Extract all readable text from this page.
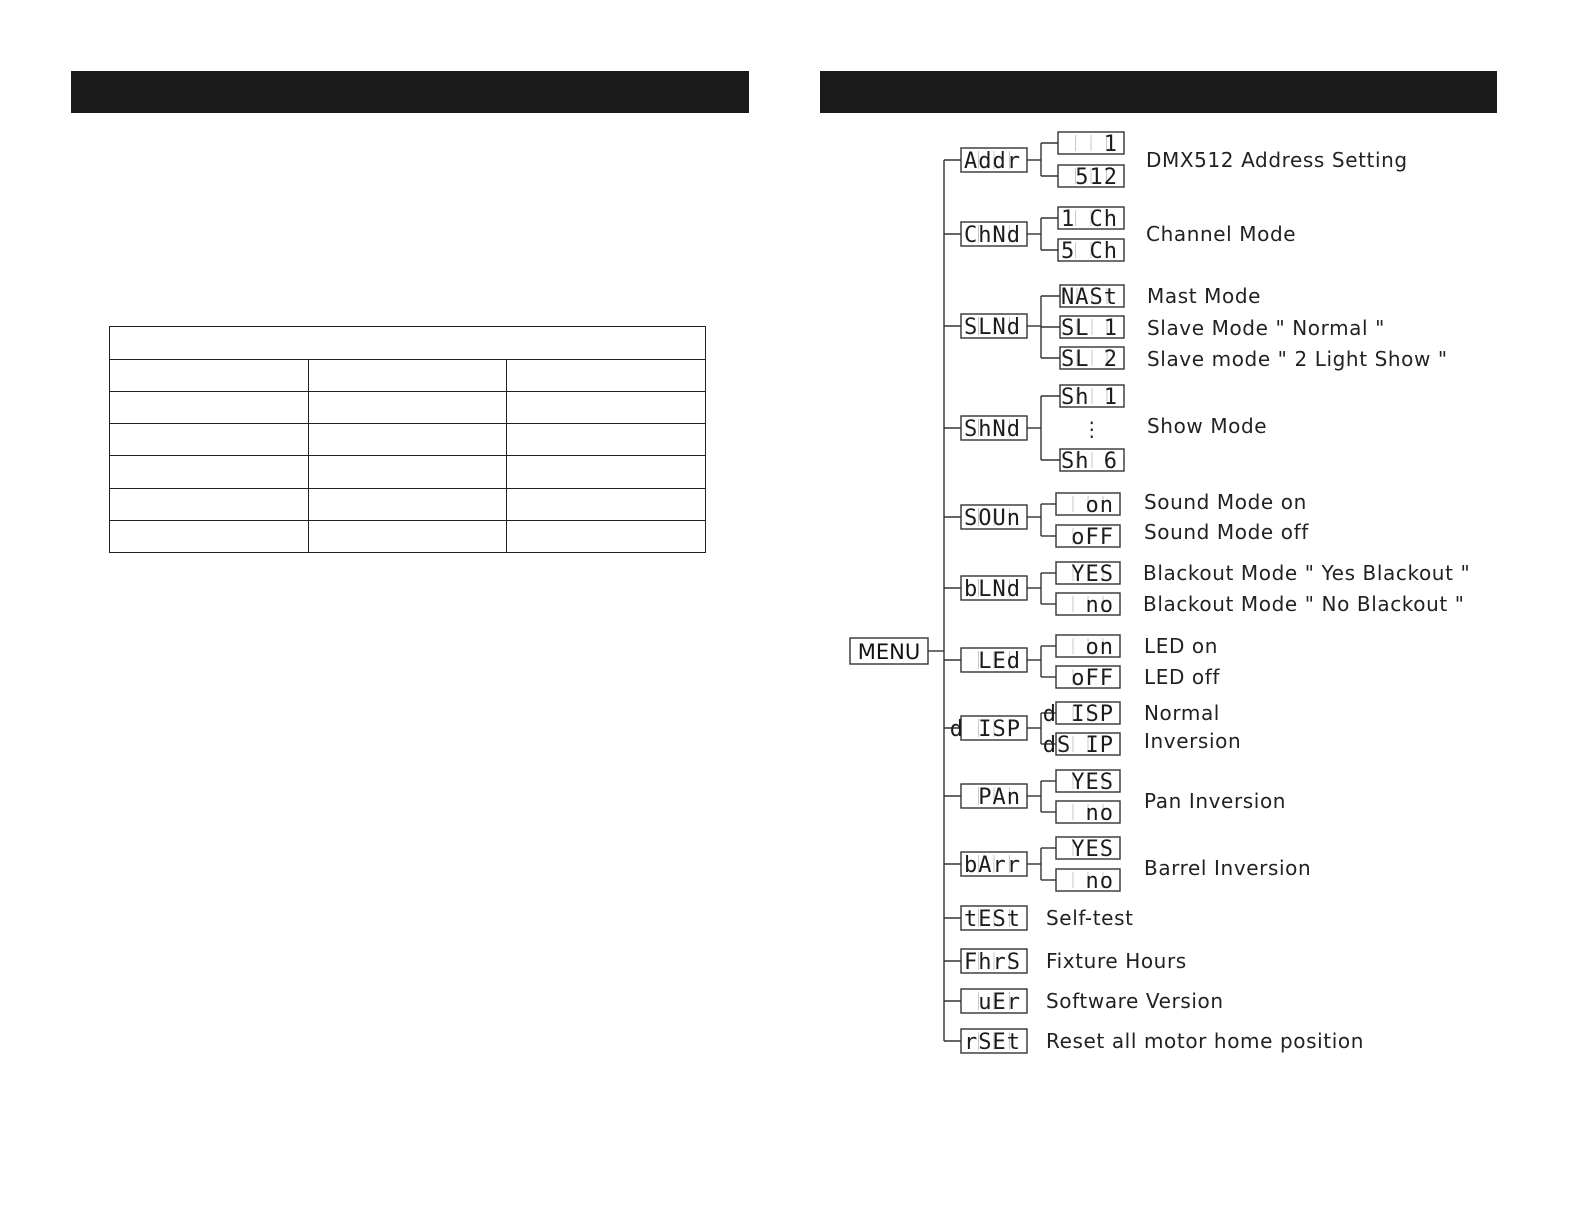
MENU
Addr
1
512
DMX512 Address Setting
ChNd
1 Ch
5 Ch
Channel Mode
SLNd
NASt
SL 1
SL 2
Mast Mode
Slave Mode " Normal "
Slave mode " 2 Light Show "
ShNd
Sh 1
Sh 6
⋮ Show Mode
SOUn
on
oFF
Sound Mode on
Sound Mode off
bLNd
YES
no
Blackout Mode " Yes Blackout "
Blackout Mode " No Blackout "
LEd
on
oFF
LED on
LED off
d ISP
d ISP
dS IP
Normal
Inversion
PAn
YES
no Pan Inversion
bArr
YES
no
Barrel Inversion
tESt Self-test
FhrS Fixture Hours
uEr Software Version
rSEt Reset all motor home position
